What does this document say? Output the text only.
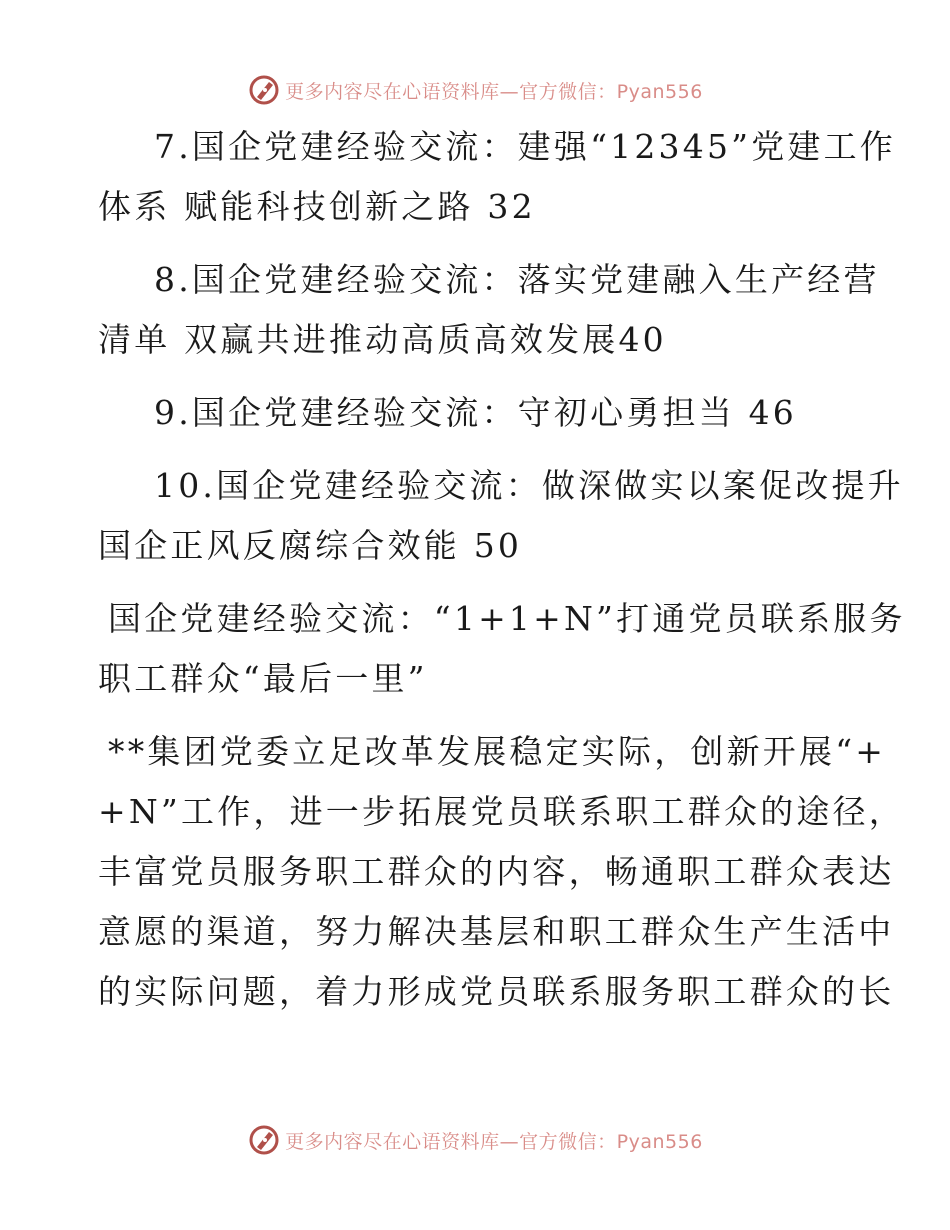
更多内容尽在心语资料库—官方微信：Pyan556
7.国企党建经验交流：建强“12345”党建工作
体系 赋能科技创新之路 32
8.国企党建经验交流：落实党建融入生产经营
清单 双赢共进推动高质高效发展40
9.国企党建经验交流：守初心勇担当 46
10.国企党建经验交流：做深做实以案促改提升
国企正风反腐综合效能 50
国企党建经验交流：“1+1+N”打通党员联系服务
职工群众“最后一里”
**集团党委立足改革发展稳定实际，创新开展“+
+N”工作，进一步拓展党员联系职工群众的途径，
丰富党员服务职工群众的内容，畅通职工群众表达
意愿的渠道，努力解决基层和职工群众生产生活中
的实际问题，着力形成党员联系服务职工群众的长
更多内容尽在心语资料库—官方微信：Pyan556
